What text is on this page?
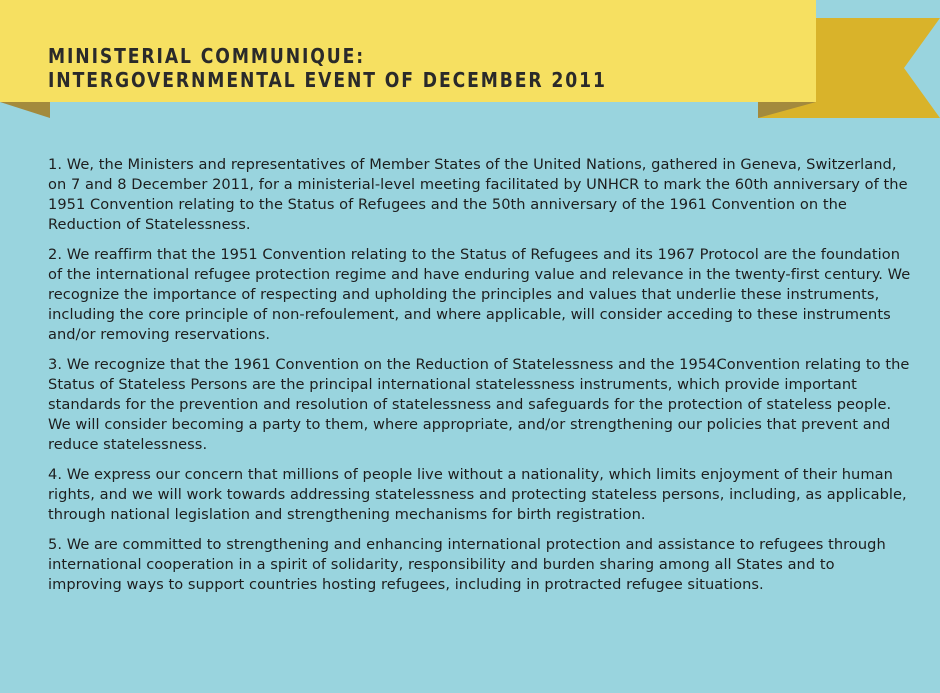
MINISTERIAL COMMUNIQUE:
INTERGOVERNMENTAL EVENT OF DECEMBER 2011

1. We, the Ministers and representatives of Member States of the United Nations, gathered in Geneva, Switzerland, on 7 and 8 December 2011, for a ministerial-level meeting facilitated by UNHCR to mark the 60th anniversary of the 1951 Convention relating to the Status of Refugees and the 50th anniversary of the 1961 Convention on the Reduction of Statelessness.

2. We reaffirm that the 1951 Convention relating to the Status of Refugees and its 1967 Protocol are the foundation of the international refugee protection regime and have enduring value and relevance in the twenty-first century. We recognize the importance of respecting and upholding the principles and values that underlie these instruments, including the core principle of non-refoulement, and where applicable, will consider acceding to these instruments and/or removing reservations.

3. We recognize that the 1961 Convention on the Reduction of Statelessness and the 1954Convention relating to the Status of Stateless Persons are the principal international statelessness instruments, which provide important standards for the prevention and resolution of statelessness and safeguards for the protection of stateless people. We will consider becoming a party to them, where appropriate, and/or strengthening our policies that prevent and reduce statelessness.

4. We express our concern that millions of people live without a nationality, which limits enjoyment of their human rights, and we will work towards addressing statelessness and protecting stateless persons, including, as applicable, through national legislation and strengthening mechanisms for birth registration.

5. We are committed to strengthening and enhancing international protection and assistance to refugees through international cooperation in a spirit of solidarity, responsibility and burden sharing among all States and to improving ways to support countries hosting refugees, including in protracted refugee situations.
